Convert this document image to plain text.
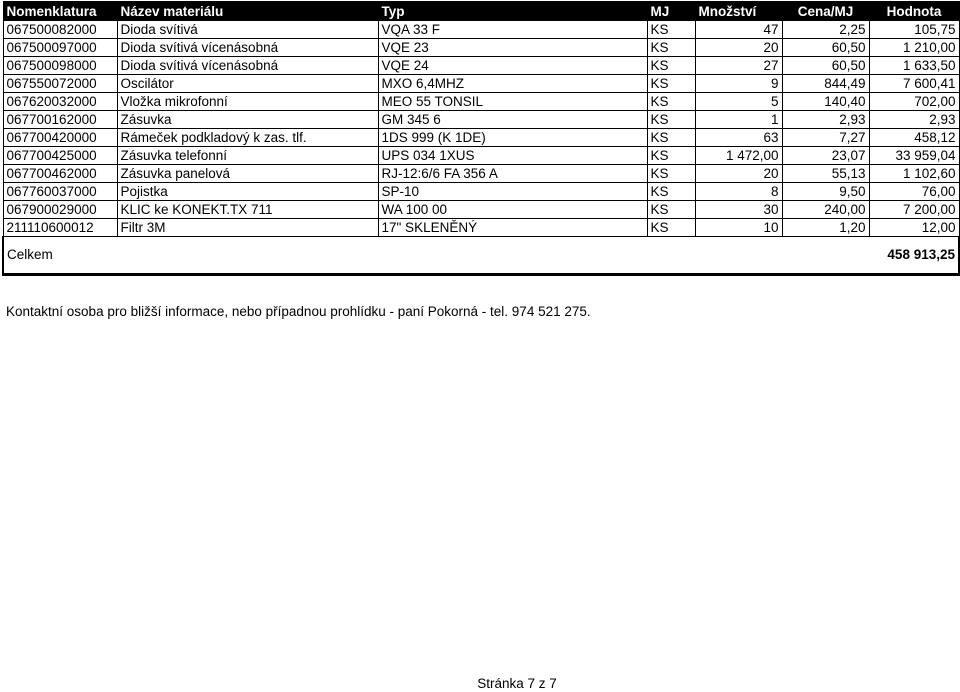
Nomenklatura	Název materiálu	Typ	MJ	Množství	Cena/MJ	Hodnota
067500082000	Dioda svítivá	VQA 33 F	KS	47	2,25	105,75
067500097000	Dioda svítivá vícenásobná	VQE 23	KS	20	60,50	1 210,00
067500098000	Dioda svítivá vícenásobná	VQE 24	KS	27	60,50	1 633,50
067550072000	Oscilátor	MXO 6,4MHZ	KS	9	844,49	7 600,41
067620032000	Vložka mikrofonní	MEO 55 TONSIL	KS	5	140,40	702,00
067700162000	Zásuvka	GM 345 6	KS	1	2,93	2,93
067700420000	Rámeček podkladový k zas. tlf.	1DS 999 (K 1DE)	KS	63	7,27	458,12
067700425000	Zásuvka telefonní	UPS 034 1XUS	KS	1 472,00	23,07	33 959,04
067700462000	Zásuvka panelová	RJ-12:6/6 FA 356 A	KS	20	55,13	1 102,60
067760037000	Pojistka	SP-10	KS	8	9,50	76,00
067900029000	KLIC ke KONEKT.TX 711	WA 100 00	KS	30	240,00	7 200,00
211110600012	Filtr 3M	17" SKLENĚNÝ	KS	10	1,20	12,00
Celkem						458 913,25
Kontaktní osoba pro bližší informace, nebo případnou prohlídku - paní Pokorná - tel. 974 521 275.
Stránka 7 z 7
